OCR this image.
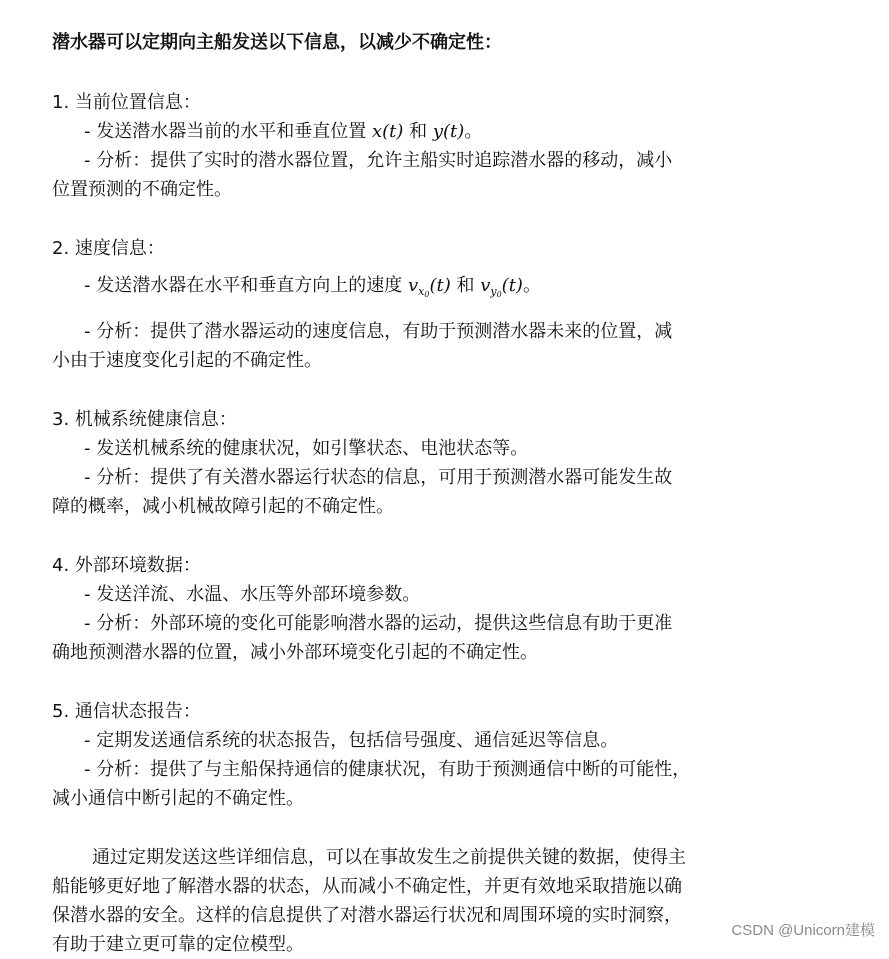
潜水器可以定期向主船发送以下信息，以减少不确定性：
1. 当前位置信息：
- 发送潜水器当前的水平和垂直位置 x(t) 和 y(t)。
- 分析：提供了实时的潜水器位置，允许主船实时追踪潜水器的移动，减小
位置预测的不确定性。
2. 速度信息：
- 发送潜水器在水平和垂直方向上的速度 $v_{x0}(t)$ 和 $v_{y0}(t)$。
- 分析：提供了潜水器运动的速度信息，有助于预测潜水器未来的位置，减
小由于速度变化引起的不确定性。
3. 机械系统健康信息：
- 发送机械系统的健康状况，如引擎状态、电池状态等。
- 分析：提供了有关潜水器运行状态的信息，可用于预测潜水器可能发生故
障的概率，减小机械故障引起的不确定性。
4. 外部环境数据：
- 发送洋流、水温、水压等外部环境参数。
- 分析：外部环境的变化可能影响潜水器的运动，提供这些信息有助于更准
确地预测潜水器的位置，减小外部环境变化引起的不确定性。
5. 通信状态报告：
- 定期发送通信系统的状态报告，包括信号强度、通信延迟等信息。
- 分析：提供了与主船保持通信的健康状况，有助于预测通信中断的可能性，
减小通信中断引起的不确定性。
通过定期发送这些详细信息，可以在事故发生之前提供关键的数据，使得主
船能够更好地了解潜水器的状态，从而减小不确定性，并更有效地采取措施以确
保潜水器的安全。这样的信息提供了对潜水器运行状况和周围环境的实时洞察，
有助于建立更可靠的定位模型。
CSDN @Unicorn建模
